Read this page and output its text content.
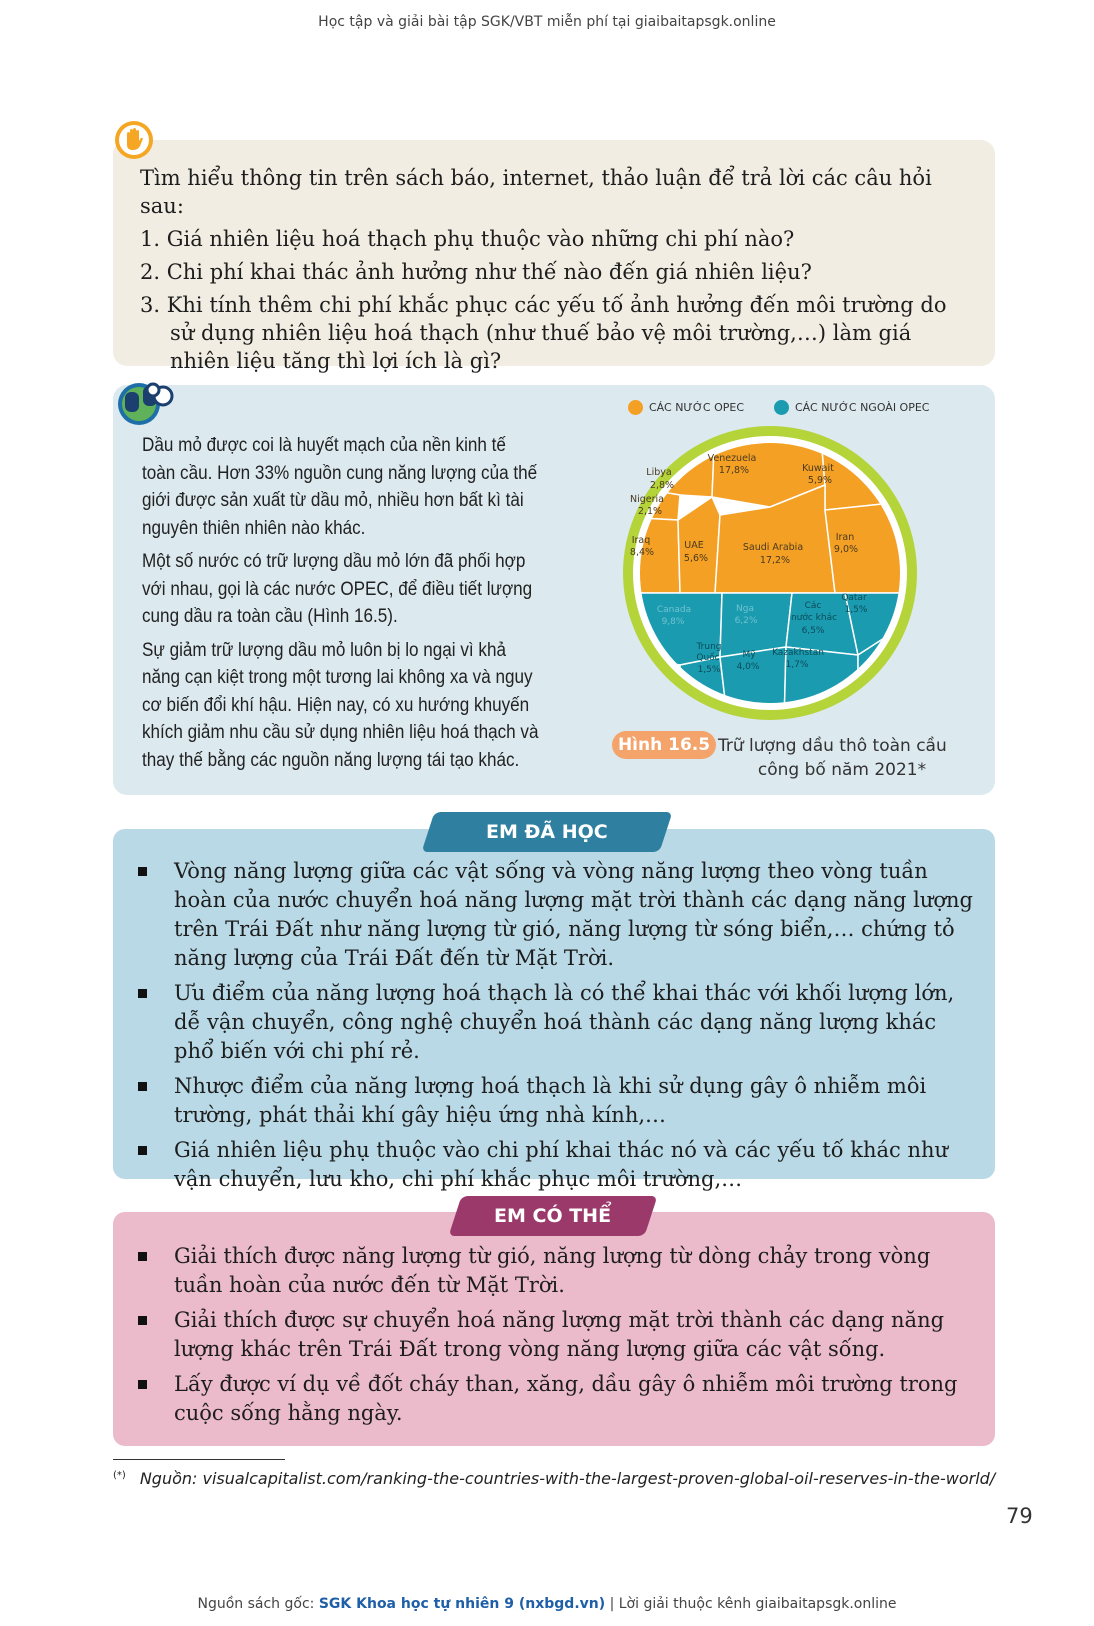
Học tập và giải bài tập SGK/VBT miễn phí tại giaibaitapsgk.online
Tìm hiểu thông tin trên sách báo, internet, thảo luận để trả lời các câu hỏi sau:
1. Giá nhiên liệu hoá thạch phụ thuộc vào những chi phí nào?
2. Chi phí khai thác ảnh hưởng như thế nào đến giá nhiên liệu?
3. Khi tính thêm chi phí khắc phục các yếu tố ảnh hưởng đến môi trường do sử dụng nhiên liệu hoá thạch (như thuế bảo vệ môi trường,…) làm giá nhiên liệu tăng thì lợi ích là gì?

Dầu mỏ được coi là huyết mạch của nền kinh tế toàn cầu. Hơn 33% nguồn cung năng lượng của thế giới được sản xuất từ dầu mỏ, nhiều hơn bất kì tài nguyên thiên nhiên nào khác.

Một số nước có trữ lượng dầu mỏ lớn đã phối hợp với nhau, gọi là các nước OPEC, để điều tiết lượng cung dầu ra toàn cầu (Hình 16.5).

Sự giảm trữ lượng dầu mỏ luôn bị lo ngại vì khả năng cạn kiệt trong một tương lai không xa và nguy cơ biến đổi khí hậu. Hiện nay, có xu hướng khuyến khích giảm nhu cầu sử dụng nhiên liệu hoá thạch và thay thế bằng các nguồn năng lượng tái tạo khác.

CÁC NƯỚC OPEC	CÁC NƯỚC NGOÀI OPEC
Venezuela
17,8%	Kuwait
5,9%
Libya
2,8%
Nigeria
2,1%
Iraq
8,4%
UAE
5,6%
Saudi Arabia
17,2%
Iran
9,0%
Canada
9,8%
Nga
6,2%
Các
nước khác
6,5%
Qatar
1,5%
Trung
Quốc
1,5%
Mỹ
4,0%
Kazakhstan
1,7%
Hình 16.5 Trữ lượng dầu thô toàn cầu
công bố năm 2021*
EM ĐÃ HỌC
Vòng năng lượng giữa các vật sống và vòng năng lượng theo vòng tuần hoàn của nước chuyển hoá năng lượng mặt trời thành các dạng năng lượng trên Trái Đất như năng lượng từ gió, năng lượng từ sóng biển,… chứng tỏ năng lượng của Trái Đất đến từ Mặt Trời.
Ưu điểm của năng lượng hoá thạch là có thể khai thác với khối lượng lớn, dễ vận chuyển, công nghệ chuyển hoá thành các dạng năng lượng khác phổ biến với chi phí rẻ.
Nhược điểm của năng lượng hoá thạch là khi sử dụng gây ô nhiễm môi trường, phát thải khí gây hiệu ứng nhà kính,…
Giá nhiên liệu phụ thuộc vào chi phí khai thác nó và các yếu tố khác như vận chuyển, lưu kho, chi phí khắc phục môi trường,…
EM CÓ THỂ
Giải thích được năng lượng từ gió, năng lượng từ dòng chảy trong vòng tuần hoàn của nước đến từ Mặt Trời.
Giải thích được sự chuyển hoá năng lượng mặt trời thành các dạng năng lượng khác trên Trái Đất trong vòng năng lượng giữa các vật sống.
Lấy được ví dụ về đốt cháy than, xăng, dầu gây ô nhiễm môi trường trong cuộc sống hằng ngày.
(*) Nguồn: visualcapitalist.com/ranking-the-countries-with-the-largest-proven-global-oil-reserves-in-the-world/
79
Nguồn sách gốc: SGK Khoa học tự nhiên 9 (nxbgd.vn) | Lời giải thuộc kênh giaibaitapsgk.online
